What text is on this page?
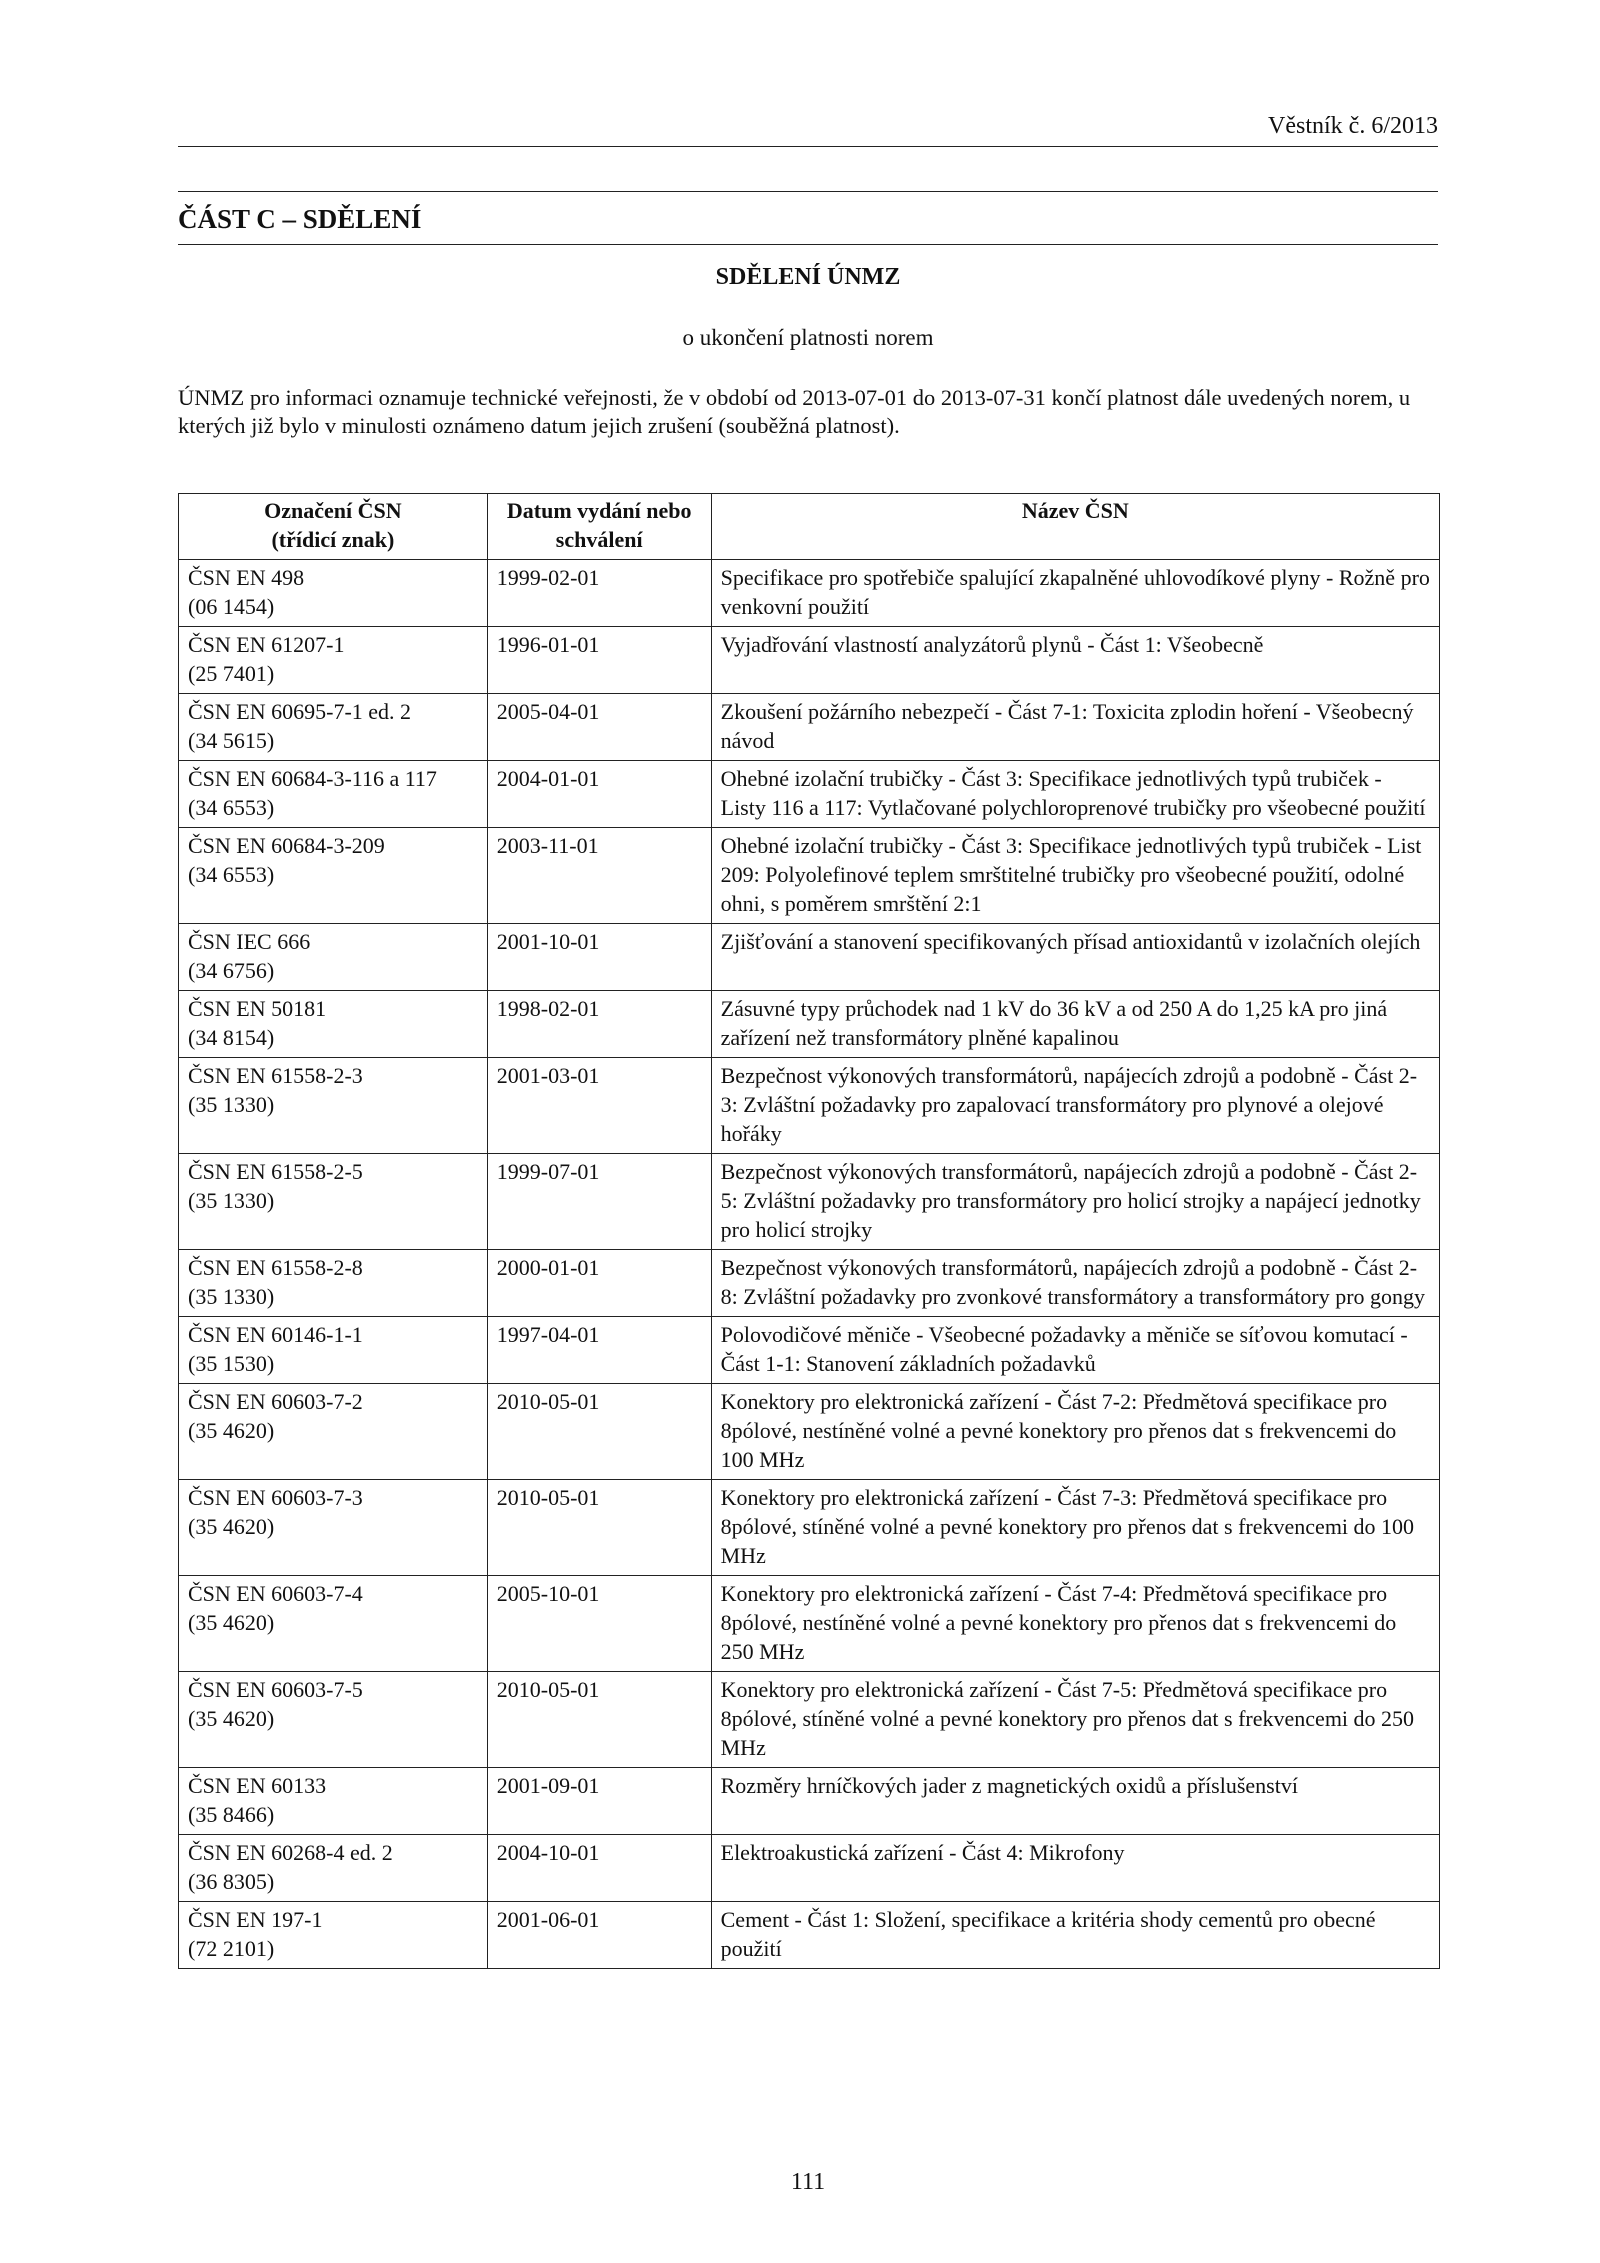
Věstník č. 6/2013
ČÁST C – SDĚLENÍ
SDĚLENÍ ÚNMZ
o ukončení platnosti norem
ÚNMZ pro informaci oznamuje technické veřejnosti, že v období od 2013-07-01 do 2013-07-31 končí platnost dále uvedených norem, u kterých již bylo v minulosti oznámeno datum jejich zrušení (souběžná platnost).
Označení ČSN
(třídicí znak)	Datum vydání nebo
schválení	Název ČSN

ČSN EN 498
(06 1454)	1999-02-01	Specifikace pro spotřebiče spalující zkapalněné uhlovodíkové plyny - Rožně pro venkovní použití

ČSN EN 61207-1
(25 7401)	1996-01-01	Vyjadřování vlastností analyzátorů plynů - Část 1: Všeobecně

ČSN EN 60695-7-1 ed. 2
(34 5615)	2005-04-01	Zkoušení požárního nebezpečí - Část 7-1: Toxicita zplodin hoření - Všeobecný návod

ČSN EN 60684-3-116 a 117
(34 6553)	2004-01-01	Ohebné izolační trubičky - Část 3: Specifikace jednotlivých typů trubiček - Listy 116 a 117: Vytlačované polychloroprenové trubičky pro všeobecné použití

ČSN EN 60684-3-209
(34 6553)	2003-11-01	Ohebné izolační trubičky - Část 3: Specifikace jednotlivých typů trubiček - List 209: Polyolefinové teplem smrštitelné trubičky pro všeobecné použití, odolné ohni, s poměrem smrštění 2:1

ČSN IEC 666
(34 6756)	2001-10-01	Zjišťování a stanovení specifikovaných přísad antioxidantů v izolačních olejích

ČSN EN 50181
(34 8154)	1998-02-01	Zásuvné typy průchodek nad 1 kV do 36 kV a od 250 A do 1,25 kA pro jiná zařízení než transformátory plněné kapalinou

ČSN EN 61558-2-3
(35 1330)	2001-03-01	Bezpečnost výkonových transformátorů, napájecích zdrojů a podobně - Část 2-3: Zvláštní požadavky pro zapalovací transformátory pro plynové a olejové hořáky

ČSN EN 61558-2-5
(35 1330)	1999-07-01	Bezpečnost výkonových transformátorů, napájecích zdrojů a podobně - Část 2-5: Zvláštní požadavky pro transformátory pro holicí strojky a napájecí jednotky pro holicí strojky

ČSN EN 61558-2-8
(35 1330)	2000-01-01	Bezpečnost výkonových transformátorů, napájecích zdrojů a podobně - Část 2-8: Zvláštní požadavky pro zvonkové transformátory a transformátory pro gongy

ČSN EN 60146-1-1
(35 1530)	1997-04-01	Polovodičové měniče - Všeobecné požadavky a měniče se síťovou komutací - Část 1-1: Stanovení základních požadavků

ČSN EN 60603-7-2
(35 4620)	2010-05-01	Konektory pro elektronická zařízení - Část 7-2: Předmětová specifikace pro 8pólové, nestíněné volné a pevné konektory pro přenos dat s frekvencemi do 100 MHz

ČSN EN 60603-7-3
(35 4620)	2010-05-01	Konektory pro elektronická zařízení - Část 7-3: Předmětová specifikace pro 8pólové, stíněné volné a pevné konektory pro přenos dat s frekvencemi do 100 MHz

ČSN EN 60603-7-4
(35 4620)	2005-10-01	Konektory pro elektronická zařízení - Část 7-4: Předmětová specifikace pro 8pólové, nestíněné volné a pevné konektory pro přenos dat s frekvencemi do 250 MHz

ČSN EN 60603-7-5
(35 4620)	2010-05-01	Konektory pro elektronická zařízení - Část 7-5: Předmětová specifikace pro 8pólové, stíněné volné a pevné konektory pro přenos dat s frekvencemi do 250 MHz

ČSN EN 60133
(35 8466)	2001-09-01	Rozměry hrníčkových jader z magnetických oxidů a příslušenství

ČSN EN 60268-4 ed. 2
(36 8305)	2004-10-01	Elektroakustická zařízení - Část 4: Mikrofony

ČSN EN 197-1
(72 2101)	2001-06-01	Cement - Část 1: Složení, specifikace a kritéria shody cementů pro obecné použití
111
